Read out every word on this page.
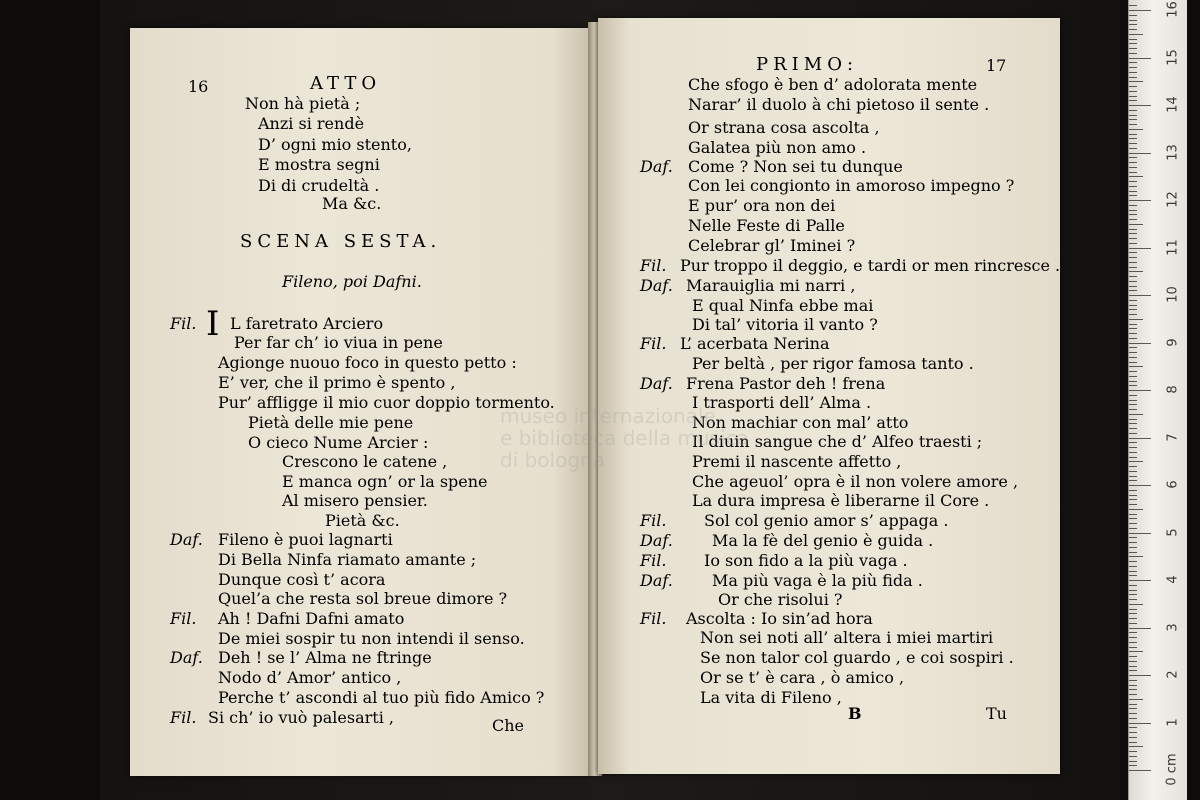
16	ATTO
I
Non hà pietà ;
Anzi si rendè
D’ ogni mio stento,
E mostra segni
Di di crudeltà .
Ma &c.
SCENA SESTA.
Fileno, poi Dafni.
Fil. L faretrato Arciero
Per far ch’ io viua in pene
Agionge nuouo foco in questo petto :
E’ ver, che il primo è spento ,
Pur’ affligge il mio cuor doppio tormento.
Pietà delle mie pene
O cieco Nume Arcier :
Crescono le catene ,
E manca ogn’ or la spene
Al misero pensier.
Pietà &c.
Daf. Fileno è puoi lagnarti
Di Bella Ninfa riamato amante ;
Dunque così t’ acora
Quel’a che resta sol breue dimore ?
Fil. Ah ! Dafni Dafni amato
De miei sospir tu non intendi il senso.
Daf. Deh ! se l’ Alma ne ftringe
Nodo d’ Amor’ antico ,
Perche t’ ascondi al tuo più fido Amico ?
Fil. Si ch’ io vuò palesarti ,	Che
PRIMO:	17
Che sfogo è ben d’ adolorata mente
Narar’ il duolo à chi pietoso il sente .
Or strana cosa ascolta ,
Galatea più non amo .
Daf. Come ? Non sei tu dunque
Con lei congionto in amoroso impegno ?
E pur’ ora non dei
Nelle Feste di Palle
Celebrar gl’ Iminei ?
Fil. Pur troppo il deggio, e tardi or men rincresce .
Daf. Marauiglia mi narri ,
E qual Ninfa ebbe mai
Di tal’ vitoria il vanto ?
Fil. L’ acerbata Nerina
Per beltà , per rigor famosa tanto .
Daf. Frena Pastor deh ! frena
I trasporti dell’ Alma .
Non machiar con mal’ atto
Il diuin sangue che d’ Alfeo traesti ;
Premi il nascente affetto ,
Che ageuol’ opra è il non volere amore ,
La dura impresa è liberarne il Core .
Fil. Sol col genio amor s’ appaga .
Daf. Ma la fè del genio è guida .
Fil. Io son fido a la più vaga .
Daf. Ma più vaga è la più fida .
Or che risolui ?
Fil. Ascolta : Io sin’ad hora
Non sei noti all’ altera i miei martiri
Se non talor col guardo , e coi sospiri .
Or se t’ è cara , ò amico ,
La vita di Fileno ,
B	Tu
museo internazionale
e biblioteca della musica
di bologna
0 cm
1
2
3
4
5
6
7
8
9
10
11
12
13
14
15
16
